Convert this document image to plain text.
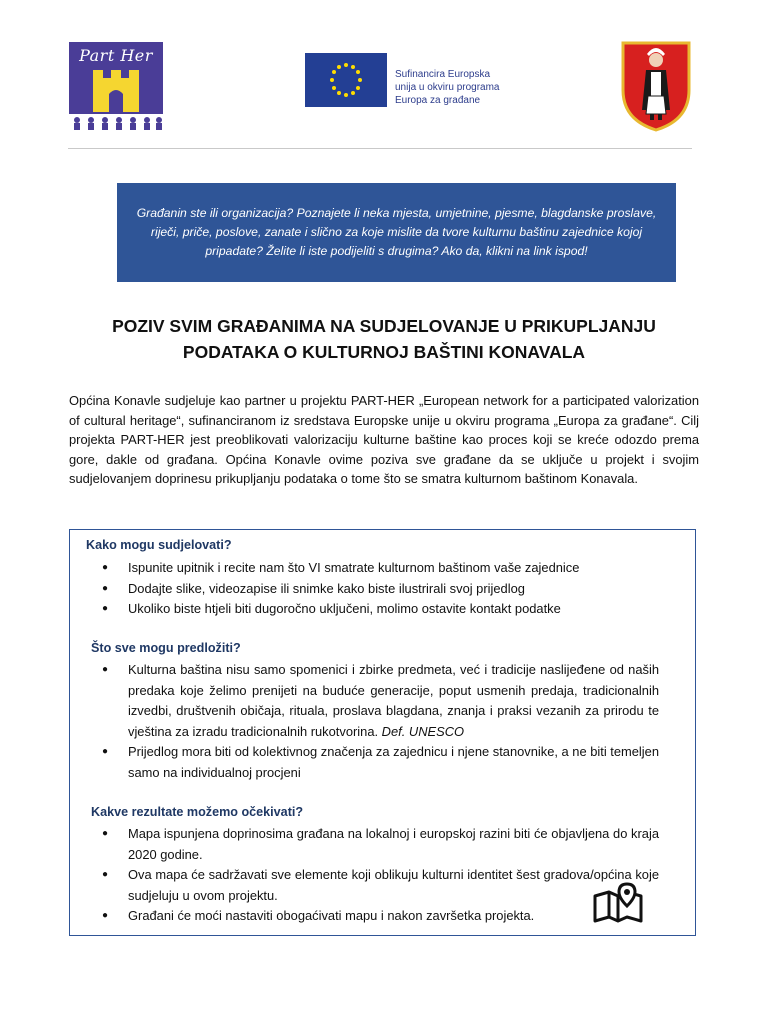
Part Her
Sufinancira Europska
unija u okviru programa
Europa za građane
Građanin ste ili organizacija? Poznajete li neka mjesta, umjetnine, pjesme, blagdanske proslave, riječi, priče, poslove, zanate i slično za koje mislite da tvore kulturnu baštinu zajednice kojoj pripadate? Želite li iste podijeliti s drugima? Ako da, klikni na link ispod!
POZIV SVIM GRAĐANIMA NA SUDJELOVANJE U PRIKUPLJANJU
PODATAKA O KULTURNOJ BAŠTINI KONAVALA
Općina Konavle sudjeluje kao partner u projektu PART-HER „European network for a participated valorization of cultural heritage“, sufinanciranom iz sredstava Europske unije u okviru programa „Europa za građane“. Cilj projekta PART-HER jest preoblikovati valorizaciju kulturne baštine kao proces koji se kreće odozdo prema gore, dakle od građana. Općina Konavle ovime poziva sve građane da se uključe u projekt i svojim sudjelovanjem doprinesu prikupljanju podataka o tome što se smatra kulturnom baštinom Konavala.
Kako mogu sudjelovati?
● Ispunite upitnik i recite nam što VI smatrate kulturnom baštinom vaše zajednice
● Dodajte slike, videozapise ili snimke kako biste ilustrirali svoj prijedlog
● Ukoliko biste htjeli biti dugoročno uključeni, molimo ostavite kontakt podatke
Što sve mogu predložiti?
● Kulturna baština nisu samo spomenici i zbirke predmeta, već i tradicije naslijeđene od naših predaka koje želimo prenijeti na buduće generacije, poput usmenih predaja, tradicionalnih izvedbi, društvenih običaja, rituala, proslava blagdana, znanja i praksi vezanih za prirodu te vještina za izradu tradicionalnih rukotvorina. Def. UNESCO
● Prijedlog mora biti od kolektivnog značenja za zajednicu i njene stanovnike, a ne biti temeljen samo na individualnoj procjeni
Kakve rezultate možemo očekivati?
● Mapa ispunjena doprinosima građana na lokalnoj i europskoj razini biti će objavljena do kraja 2020 godine.
● Ova mapa će sadržavati sve elemente koji oblikuju kulturni identitet šest gradova/općina koje sudjeluju u ovom projektu.
● Građani će moći nastaviti obogaćivati mapu i nakon završetka projekta.
